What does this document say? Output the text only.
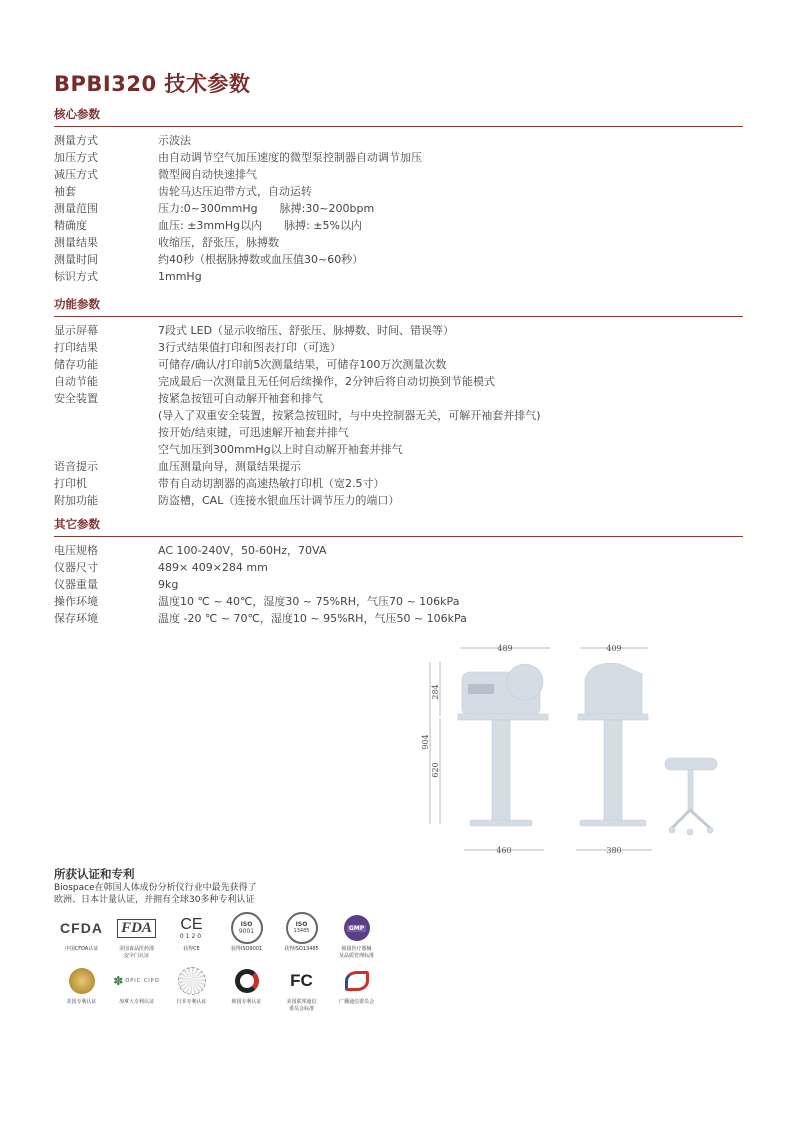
BPBI320 技术参数
核心参数
测量方式	示波法
加压方式	由自动调节空气加压速度的微型泵控制器自动调节加压
减压方式	微型阀自动快速排气
袖套	齿轮马达压迫带方式，自动运转
测量范围	压力:0~300mmHg 脉搏:30~200bpm
精确度	血压: ±3mmHg以内 脉搏: ±5%以内
测量结果	收缩压，舒张压，脉搏数
测量时间	约40秒（根据脉搏数或血压值30~60秒）
标识方式	1mmHg
功能参数
显示屏幕	7段式 LED（显示收缩压、舒张压、脉搏数、时间、错误等）
打印结果	3行式结果值打印和图表打印（可选）
储存功能	可储存/确认/打印前5次测量结果，可储存100万次测量次数
自动节能	完成最后一次测量且无任何后续操作，2分钟后将自动切换到节能模式
安全装置	按紧急按钮可自动解开袖套和排气
(导入了双重安全装置，按紧急按钮时，与中央控制器无关，可解开袖套并排气)
按开始/结束键，可迅速解开袖套并排气
空气加压到300mmHg以上时自动解开袖套并排气
语音提示	血压测量向导，测量结果提示
打印机	带有自动切割器的高速热敏打印机（宽2.5寸）
附加功能	防盗槽，CAL（连接水银血压计调节压力的端口）
其它参数
电压规格	AC 100-240V，50-60Hz，70VA
仪器尺寸	489× 409×284 mm
仪器重量	9kg
操作环境	温度10 ℃ ~ 40℃，湿度30 ~ 75%RH，气压70 ~ 106kPa
保存环境	温度 -20 ℃ ~ 70℃，湿度10 ~ 95%RH，气压50 ~ 106kPa
489	409
284
904
620
460	380
所获认证和专利
Biospace在韩国人体成份分析仪行业中最先获得了
欧洲、日本计量认证，并拥有全球30多种专利认证
CFDA
中国CFDA认证
FDA
美国食品医药部
安全门认证
CE
0120
获得CE
ISO
9001
获得ISO9001
ISO
13485
获得ISO13485
GMP
韩国医疗器械
及品质管理标准
美国专利认证
✽ OPIC CIPO
加拿大专利认证	日本专利认证	韩国专利认证
FC
美国联邦通信
委员会标准
广播通信委员会
